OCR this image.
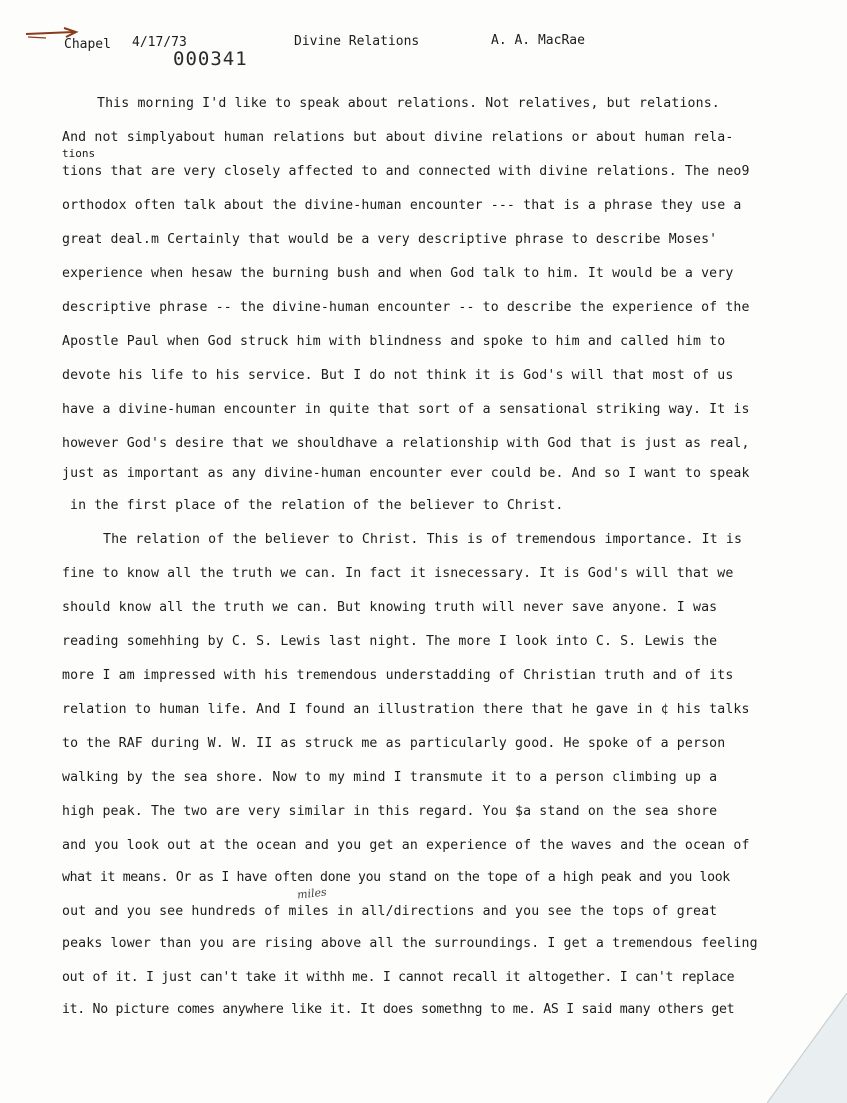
Chapel 4/17/73	Divine Relations	A. A. MacRae
000341
tions
miles
This morning I'd like to speak about relations. Not relatives, but relations.
And not simplyabout human relations but about divine relations or about human rela-
tions that are very closely affected to and connected with divine relations. The neo9
orthodox often talk about the divine-human encounter --- that is a phrase they use a
great deal.m Certainly that would be a very descriptive phrase to describe Moses'
experience when hesaw the burning bush and when God talk to him. It would be a very
descriptive phrase -- the divine-human encounter -- to describe the experience of the
Apostle Paul when God struck him with blindness and spoke to him and called him to
devote his life to his service. But I do not think it is God's will that most of us
have a divine-human encounter in quite that sort of a sensational striking way. It is
however God's desire that we shouldhave a relationship with God that is just as real,
just as important as any divine-human encounter ever could be. And so I want to speak
in the first place of the relation of the believer to Christ.
The relation of the believer to Christ. This is of tremendous importance. It is
fine to know all the truth we can. In fact it isnecessary. It is God's will that we
should know all the truth we can. But knowing truth will never save anyone. I was
reading somehhing by C. S. Lewis last night. The more I look into C. S. Lewis the
more I am impressed with his tremendous understadding of Christian truth and of its
relation to human life. And I found an illustration there that he gave in ¢ his talks
to the RAF during W. W. II as struck me as particularly good. He spoke of a person
walking by the sea shore. Now to my mind I transmute it to a person climbing up a
high peak. The two are very similar in this regard. You $a stand on the sea shore
and you look out at the ocean and you get an experience of the waves and the ocean of
what it means. Or as I have often done you stand on the tope of a high peak and you look
out and you see hundreds of miles in all/directions and you see the tops of great
peaks lower than you are rising above all the surroundings. I get a tremendous feeling
out of it. I just can't take it withh me. I cannot recall it altogether. I can't replace
it. No picture comes anywhere like it. It does somethng to me. AS I said many others get
